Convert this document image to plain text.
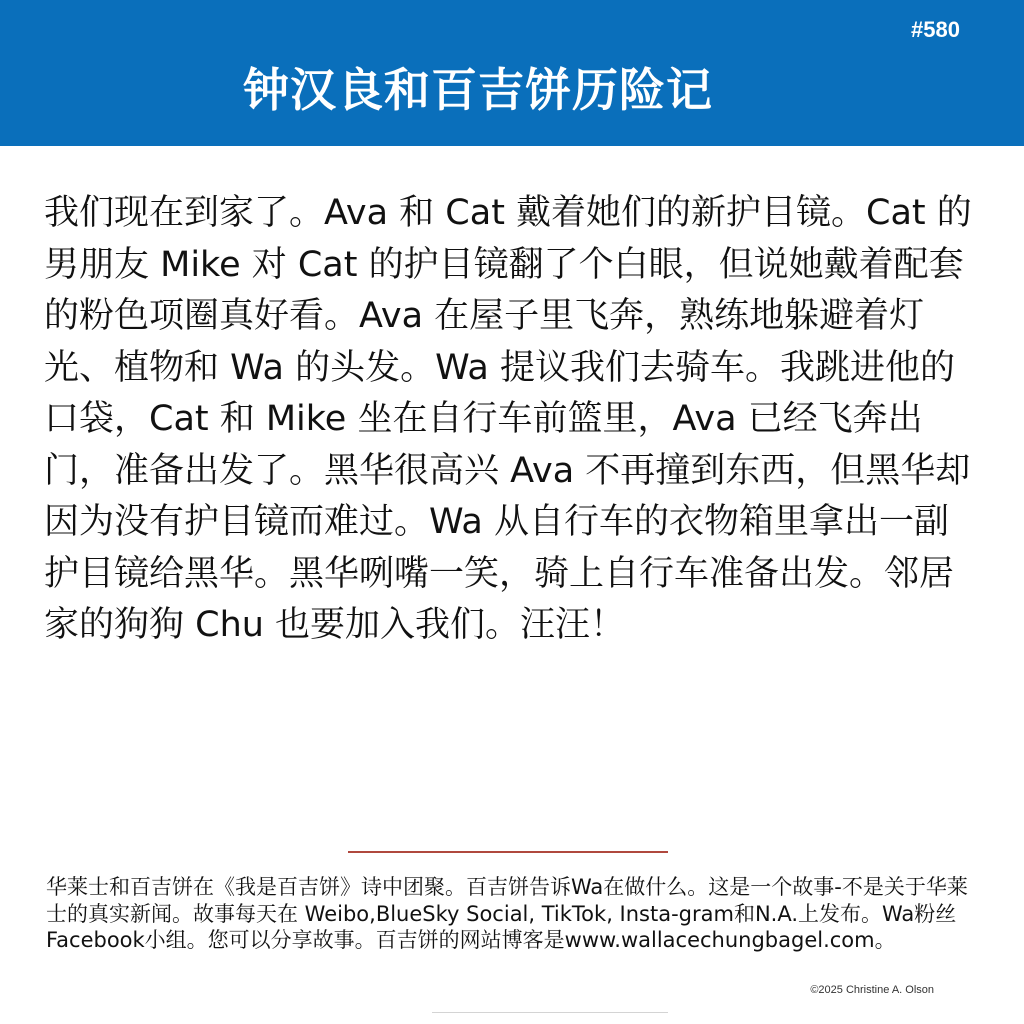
#580
钟汉良和百吉饼历险记

我们现在到家了。Ava 和 Cat 戴着她们的新护目镜。Cat 的男朋友 Mike 对 Cat 的护目镜翻了个白眼，但说她戴着配套的粉色项圈真好看。Ava 在屋子里飞奔，熟练地躲避着灯光、植物和 Wa 的头发。Wa 提议我们去骑车。我跳进他的口袋，Cat 和 Mike 坐在自行车前篮里，Ava 已经飞奔出门，准备出发了。黑华很高兴 Ava 不再撞到东西，但黑华却因为没有护目镜而难过。Wa 从自行车的衣物箱里拿出一副护目镜给黑华。黑华咧嘴一笑，骑上自行车准备出发。邻居家的狗狗 Chu 也要加入我们。汪汪！

华莱士和百吉饼在《我是百吉饼》诗中团聚。百吉饼告诉Wa在做什么。这是一个故事-不是关于华莱士的真实新闻。故事每天在 Weibo,BlueSky Social, TikTok, Insta-gram和N.A.上发布。Wa粉丝Facebook小组。您可以分享故事。百吉饼的网站博客是www.wallacechungbagel.com。

©2025 Christine A. Olson
